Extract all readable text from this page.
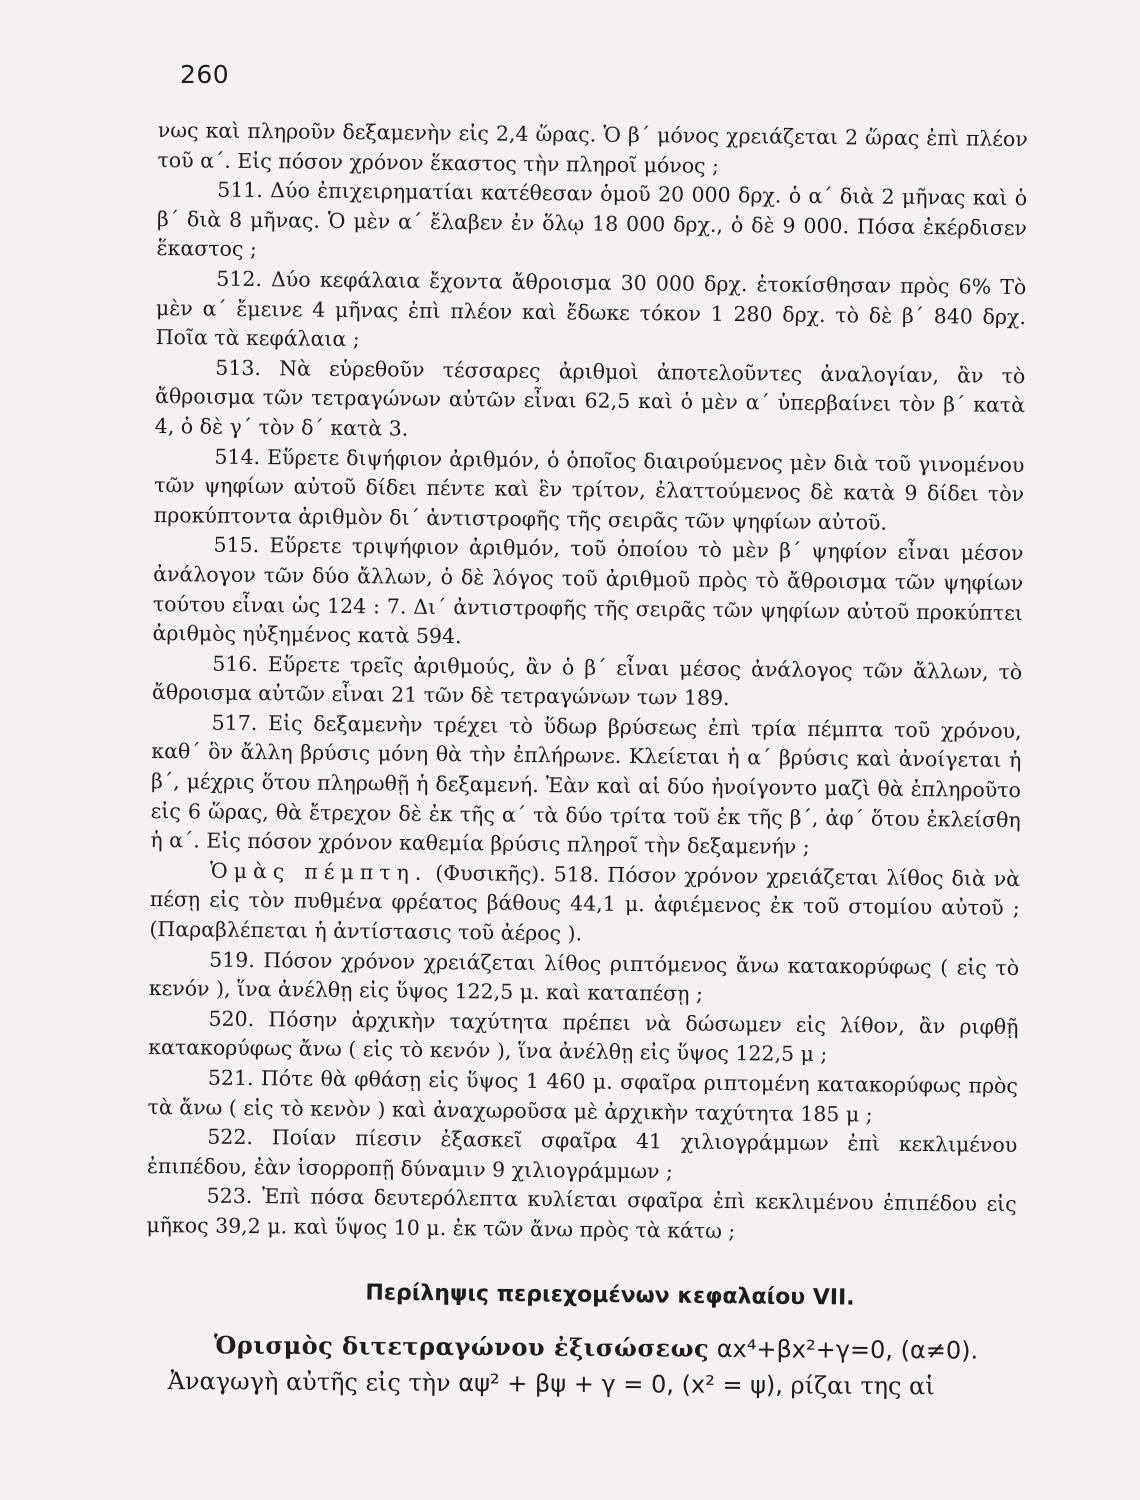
260

νως καὶ πληροῦν δεξαμενὴν εἰς 2,4 ὥρας. Ὁ β΄ μόνος χρειάζεται 2 ὥρας ἐπὶ πλέον τοῦ α΄. Εἰς πόσον χρόνον ἕκαστος τὴν πληροῖ μόνος ;

511. Δύο ἐπιχειρηματίαι κατέθεσαν ὁμοῦ 20 000 δρχ. ὁ α΄ διὰ 2 μῆνας καὶ ὁ β΄ διὰ 8 μῆνας. Ὁ μὲν α΄ ἔλαβεν ἐν ὅλῳ 18 000 δρχ., ὁ δὲ 9 000. Πόσα ἐκέρδισεν ἕκαστος ;

512. Δύο κεφάλαια ἔχοντα ἄθροισμα 30 000 δρχ. ἐτοκίσθησαν πρὸς 6% Τὸ μὲν α΄ ἔμεινε 4 μῆνας ἐπὶ πλέον καὶ ἔδωκε τόκον 1 280 δρχ. τὸ δὲ β΄ 840 δρχ. Ποῖα τὰ κεφάλαια ;

513. Νὰ εὑρεθοῦν τέσσαρες ἀριθμοὶ ἀποτελοῦντες ἀναλογίαν, ἂν τὸ ἄθροισμα τῶν τετραγώνων αὐτῶν εἶναι 62,5 καὶ ὁ μὲν α΄ ὑπερβαίνει τὸν β΄ κατὰ 4, ὁ δὲ γ΄ τὸν δ΄ κατὰ 3.

514. Εὕρετε διψήφιον ἀριθμόν, ὁ ὁποῖος διαιρούμενος μὲν διὰ τοῦ γινομένου τῶν ψηφίων αὐτοῦ δίδει πέντε καὶ ἓν τρίτον, ἐλαττούμενος δὲ κατὰ 9 δίδει τὸν προκύπτοντα ἀριθμὸν δι΄ ἀντιστροφῆς τῆς σειρᾶς τῶν ψηφίων αὐτοῦ.

515. Εὕρετε τριψήφιον ἀριθμόν, τοῦ ὁποίου τὸ μὲν β΄ ψηφίον εἶναι μέσον ἀνάλογον τῶν δύο ἄλλων, ὁ δὲ λόγος τοῦ ἀριθμοῦ πρὸς τὸ ἄθροισμα τῶν ψηφίων τούτου εἶναι ὡς 124 : 7. Δι΄ ἀντιστροφῆς τῆς σειρᾶς τῶν ψηφίων αὐτοῦ προκύπτει ἀριθμὸς ηὐξημένος κατὰ 594.

516. Εὕρετε τρεῖς ἀριθμούς, ἂν ὁ β΄ εἶναι μέσος ἀνάλογος τῶν ἄλλων, τὸ ἄθροισμα αὐτῶν εἶναι 21 τῶν δὲ τετραγώνων των 189.

517. Εἰς δεξαμενὴν τρέχει τὸ ὕδωρ βρύσεως ἐπὶ τρία πέμπτα τοῦ χρόνου, καθ΄ ὃν ἄλλη βρύσις μόνη θὰ τὴν ἐπλήρωνε. Κλείεται ἡ α΄ βρύσις καὶ ἀνοίγεται ἡ β΄, μέχρις ὅτου πληρωθῇ ἡ δεξαμενή. Ἐὰν καὶ αἱ δύο ἠνοίγοντο μαζὶ θὰ ἐπληροῦτο εἰς 6 ὥρας, θὰ ἔτρεχον δὲ ἐκ τῆς α΄ τὰ δύο τρίτα τοῦ ἐκ τῆς β΄, ἀφ΄ ὅτου ἐκλείσθη ἡ α΄. Εἰς πόσον χρόνον καθεμία βρύσις πληροῖ τὴν δεξαμενήν ;

Ὁμὰς πέμπτη. (Φυσικῆς). 518. Πόσον χρόνον χρειάζεται λίθος διὰ νὰ πέσῃ εἰς τὸν πυθμένα φρέατος βάθους 44,1 μ. ἀφιέμενος ἐκ τοῦ στομίου αὐτοῦ ; (Παραβλέπεται ἡ ἀντίστασις τοῦ ἀέρος ).

519. Πόσον χρόνον χρειάζεται λίθος ριπτόμενος ἄνω κατακορύφως ( εἰς τὸ κενόν ), ἵνα ἀνέλθῃ εἰς ὕψος 122,5 μ. καὶ καταπέσῃ ;

520. Πόσην ἀρχικὴν ταχύτητα πρέπει νὰ δώσωμεν εἰς λίθον, ἂν ριφθῇ κατακορύφως ἄνω ( εἰς τὸ κενόν ), ἵνα ἀνέλθῃ εἰς ὕψος 122,5 μ ;

521. Πότε θὰ φθάσῃ εἰς ὕψος 1 460 μ. σφαῖρα ριπτομένη κατακορύφως πρὸς τὰ ἄνω ( εἰς τὸ κενὸν ) καὶ ἀναχωροῦσα μὲ ἀρχικὴν ταχύτητα 185 μ ;

522. Ποίαν πίεσιν ἐξασκεῖ σφαῖρα 41 χιλιογράμμων ἐπὶ κεκλιμένου ἐπιπέδου, ἐὰν ἰσορροπῇ δύναμιν 9 χιλιογράμμων ;

523. Ἐπὶ πόσα δευτερόλεπτα κυλίεται σφαῖρα ἐπὶ κεκλιμένου ἐπιπέδου εἰς μῆκος 39,2 μ. καὶ ὕψος 10 μ. ἐκ τῶν ἄνω πρὸς τὰ κάτω ;

Περίληψις περιεχομένων κεφαλαίου VII.

Ὁρισμὸς διτετραγώνου ἐξισώσεως αx⁴+βx²+γ=0, (α≠0).

Ἀναγωγὴ αὐτῆς εἰς τὴν αψ² + βψ + γ = 0, (x² = ψ), ρίζαι της αἱ
